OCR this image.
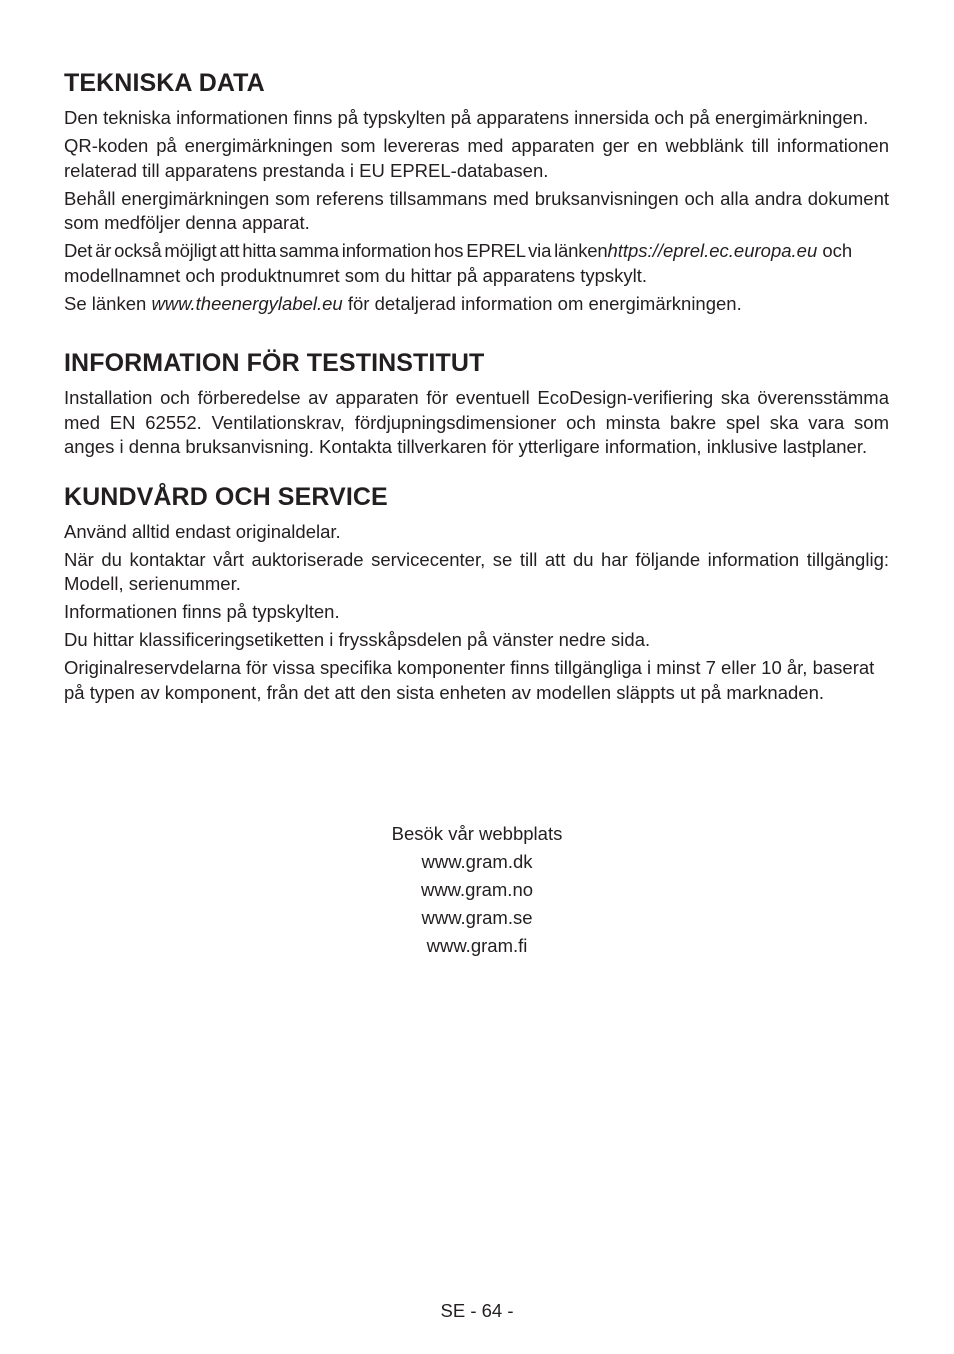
TEKNISKA DATA

Den tekniska informationen finns på typskylten på apparatens innersida och på energimärkningen.

QR-koden på energimärkningen som levereras med apparaten ger en webblänk till informationen relaterad till apparatens prestanda i EU EPREL-databasen.

Behåll energimärkningen som referens tillsammans med bruksanvisningen och alla andra dokument som medföljer denna apparat.

Det är också möjligt att hitta samma information hos EPREL via länkenhttps://eprel.ec.europa.eu och modellnamnet och produktnumret som du hittar på apparatens typskylt.

Se länken www.theenergylabel.eu för detaljerad information om energimärkningen.

INFORMATION FÖR TESTINSTITUT

Installation och förberedelse av apparaten för eventuell EcoDesign-verifiering ska överensstämma med EN 62552. Ventilationskrav, fördjupningsdimensioner och minsta bakre spel ska vara som anges i denna bruksanvisning. Kontakta tillverkaren för ytterligare information, inklusive lastplaner.

KUNDVÅRD OCH SERVICE

Använd alltid endast originaldelar.

När du kontaktar vårt auktoriserade servicecenter, se till att du har följande information tillgänglig: Modell, serienummer.

Informationen finns på typskylten.

Du hittar klassificeringsetiketten i frysskåpsdelen på vänster nedre sida.

Originalreservdelarna för vissa specifika komponenter finns tillgängliga i minst 7 eller 10 år, baserat på typen av komponent, från det att den sista enheten av modellen släppts ut på marknaden.

Besök vår webbplats
www.gram.dk
www.gram.no
www.gram.se
www.gram.fi
SE - 64 -
